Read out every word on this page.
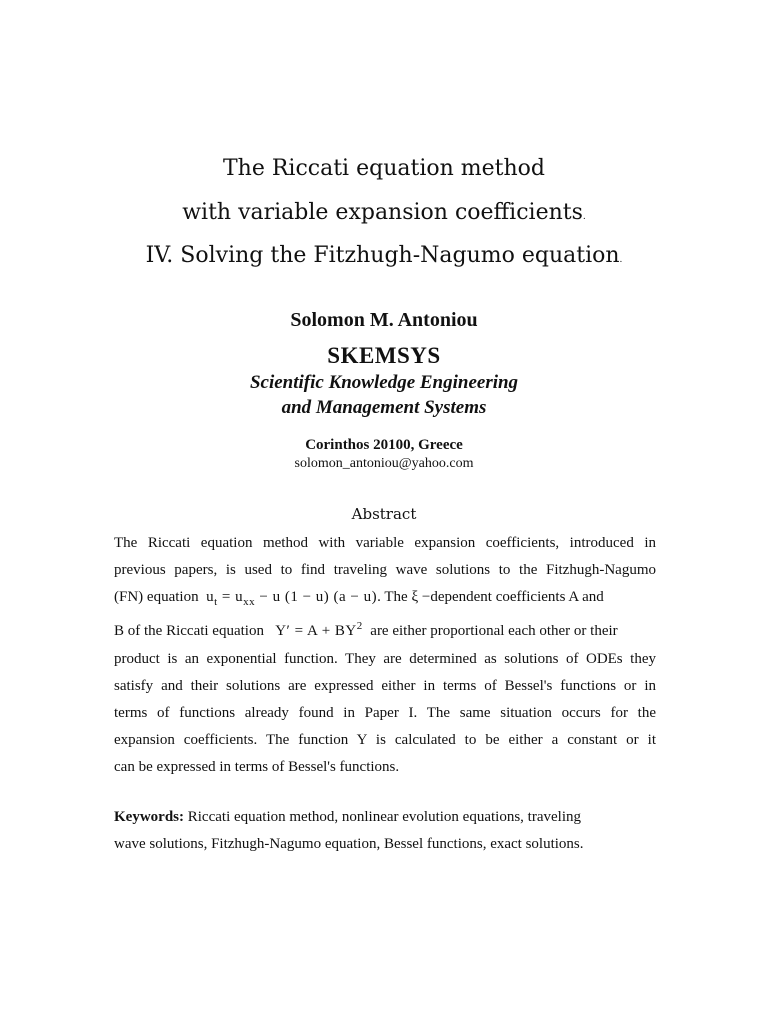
The Riccati equation method
with variable expansion coefficients.
IV. Solving the Fitzhugh-Nagumo equation.
Solomon M. Antoniou
SKEMSYS
Scientific Knowledge Engineering
and Management Systems
Corinthos 20100, Greece
solomon_antoniou@yahoo.com
Abstract
The Riccati equation method with variable expansion coefficients, introduced in
previous papers, is used to find traveling wave solutions to the Fitzhugh-Nagumo
(FN) equation $u_t = u_{xx} - u$ (1 − u) (a − u). The ξ −dependent coefficients A and
B of the Riccati equation $Y' = A + BY^2$ are either proportional each other or their
product is an exponential function. They are determined as solutions of ODEs they
satisfy and their solutions are expressed either in terms of Bessel's functions or in
terms of functions already found in Paper I. The same situation occurs for the
expansion coefficients. The function Y is calculated to be either a constant or it
can be expressed in terms of Bessel's functions.
Keywords: Riccati equation method, nonlinear evolution equations, traveling
wave solutions, Fitzhugh-Nagumo equation, Bessel functions, exact solutions.
